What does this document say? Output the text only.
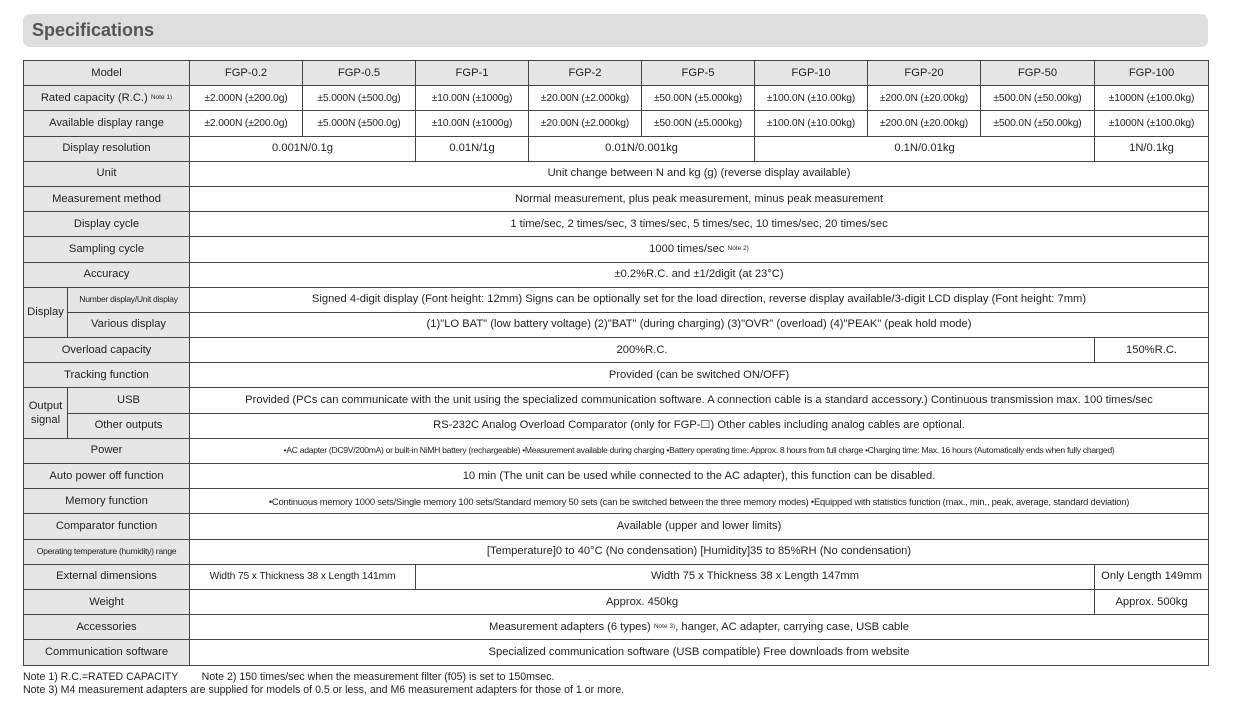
Specifications
Model		FGP-0.2	FGP-0.5	FGP-1	FGP-2	FGP-5	FGP-10	FGP-20	FGP-50	FGP-100
Rated capacity (R.C.) $^{Note 1)}$		±2.000N (±200.0g)	±5.000N (±500.0g)	±10.00N (±1000g)	±20.00N (±2.000kg)	±50.00N (±5.000kg)	±100.0N (±10.00kg)	±200.0N (±20.00kg)	±500.0N (±50.00kg)	±1000N (±100.0kg)
Available display range		±2.000N (±200.0g)	±5.000N (±500.0g)	±10.00N (±1000g)	±20.00N (±2.000kg)	±50.00N (±5.000kg)	±100.0N (±10.00kg)	±200.0N (±20.00kg)	±500.0N (±50.00kg)	±1000N (±100.0kg)
Display resolution		0.001N/0.1g		0.01N/1g	0.01N/0.001kg		0.1N/0.01kg			1N/0.1kg
Unit		Unit change between N and kg (g) (reverse display available)								
Measurement method		Normal measurement, plus peak measurement, minus peak measurement								
Display cycle		1 time/sec, 2 times/sec, 3 times/sec, 5 times/sec, 10 times/sec, 20 times/sec								
Sampling cycle		1000 times/sec $^{Note 2)}$
Accuracy		±0.2%R.C. and ±1/2digit (at 23°C)								
Display	Number display/Unit display	Signed 4-digit display (Font height: 12mm) Signs can be optionally set for the load direction, reverse display available/3-digit LCD display (Font height: 7mm)								
	Various display	(1)"LO BAT" (low battery voltage) (2)"BAT" (during charging) (3)"OVR" (overload) (4)"PEAK" (peak hold mode)								
Overload capacity		200%R.C.								150%R.C.
Tracking function		Provided (can be switched ON/OFF)								
Output
signal	USB	Provided (PCs can communicate with the unit using the specialized communication software. A connection cable is a standard accessory.) Continuous transmission max. 100 times/sec								
	Other outputs	RS-232C Analog Overload Comparator (only for FGP-☐) Other cables including analog cables are optional.								
Power		•AC adapter (DC9V/200mA) or built-in NiMH battery (rechargeable) •Measurement available during charging •Battery operating time: Approx. 8 hours from full charge •Charging time: Max. 16 hours (Automatically ends when fully charged)								
Auto power off function		10 min (The unit can be used while connected to the AC adapter), this function can be disabled.								
Memory function		•Continuous memory 1000 sets/Single memory 100 sets/Standard memory 50 sets (can be switched between the three memory modes) •Equipped with statistics function (max., min., peak, average, standard deviation)								
Comparator function		Available (upper and lower limits)								
Operating temperature (humidity) range		[Temperature]0 to 40°C (No condensation) [Humidity]35 to 85%RH (No condensation)								
External dimensions		Width 75 x Thickness 38 x Length 141mm		Width 75 x Thickness 38 x Length 147mm						Only Length 149mm
Weight		Approx. 450kg								Approx. 500kg
Accessories		Measurement adapters (6 types) $^{Note 3)}$, hanger, AC adapter, carrying case, USB cable								
Communication software		Specialized communication software (USB compatible) Free downloads from website								
Note 1) R.C.=RATED CAPACITY        Note 2) 150 times/sec when the measurement filter (f05) is set to 150msec.
Note 3) M4 measurement adapters are supplied for models of 0.5 or less, and M6 measurement adapters for those of 1 or more.
